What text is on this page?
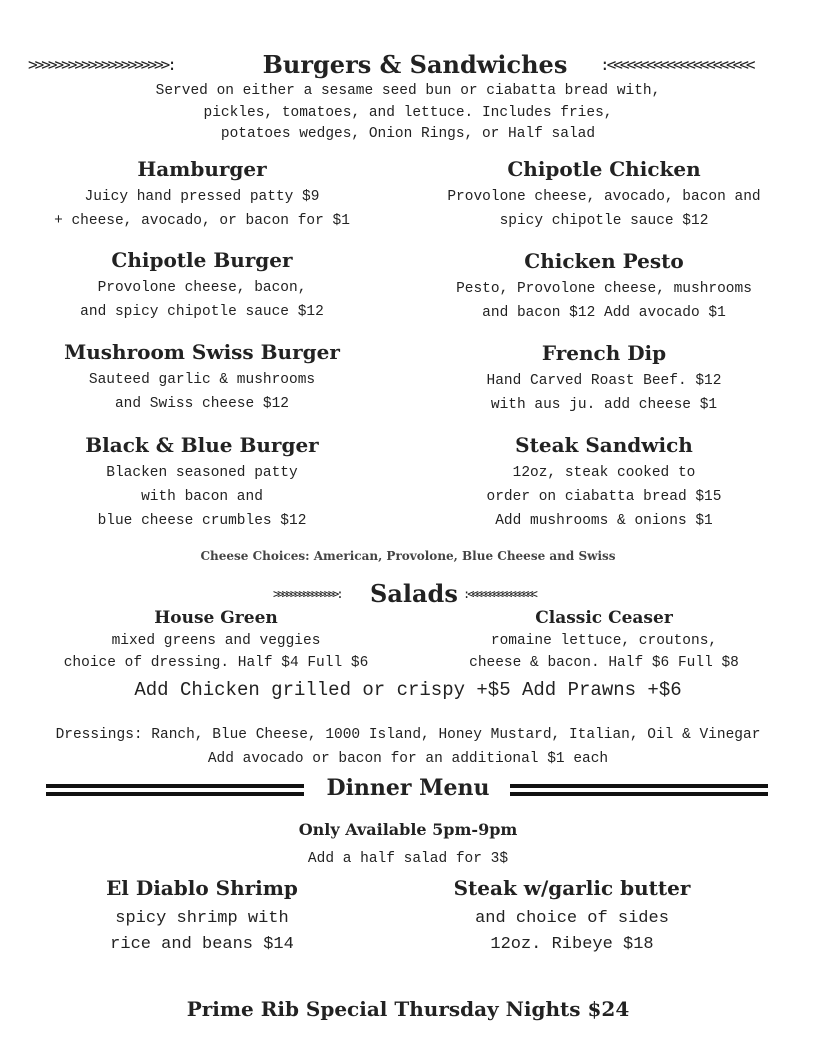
>>>>>>>>>>>>>>>>>>>>>:	Burgers & Sandwiches	:<<<<<<<<<<<<<<<<<<<<<<
Served on either a sesame seed bun or ciabatta bread with,
pickles, tomatoes, and lettuce. Includes fries,
potatoes wedges, Onion Rings, or Half salad
Hamburger
Juicy hand pressed patty $9
+ cheese, avocado, or bacon for $1
Chipotle Chicken
Provolone cheese, avocado, bacon and
spicy chipotle sauce $12
Chipotle Burger
Provolone cheese, bacon,
and spicy chipotle sauce $12
Chicken Pesto
Pesto, Provolone cheese, mushrooms
and bacon $12 Add avocado $1
Mushroom Swiss Burger
Sauteed garlic & mushrooms
and Swiss cheese $12
French Dip
Hand Carved Roast Beef. $12
with aus ju. add cheese $1
Black & Blue Burger
Blacken seasoned patty
with bacon and
blue cheese crumbles $12
Steak Sandwich
12oz, steak cooked to
order on ciabatta bread $15
Add mushrooms & onions $1
Cheese Choices: American, Provolone, Blue Cheese and Swiss
>>>>>>>>>>>>>>>: Salads :<<<<<<<<<<<<<<<<
House Green
mixed greens and veggies
choice of dressing. Half $4 Full $6
Classic Ceaser
romaine lettuce, croutons,
cheese & bacon. Half $6 Full $8
Add Chicken grilled or crispy +$5 Add Prawns +$6
Dressings: Ranch, Blue Cheese, 1000 Island, Honey Mustard, Italian, Oil & Vinegar
Add avocado or bacon for an additional $1 each
Dinner Menu
Only Available 5pm-9pm
Add a half salad for 3$
El Diablo Shrimp
spicy shrimp with
rice and beans $14
Steak w/garlic butter
and choice of sides
12oz. Ribeye $18
Prime Rib Special Thursday Nights $24
